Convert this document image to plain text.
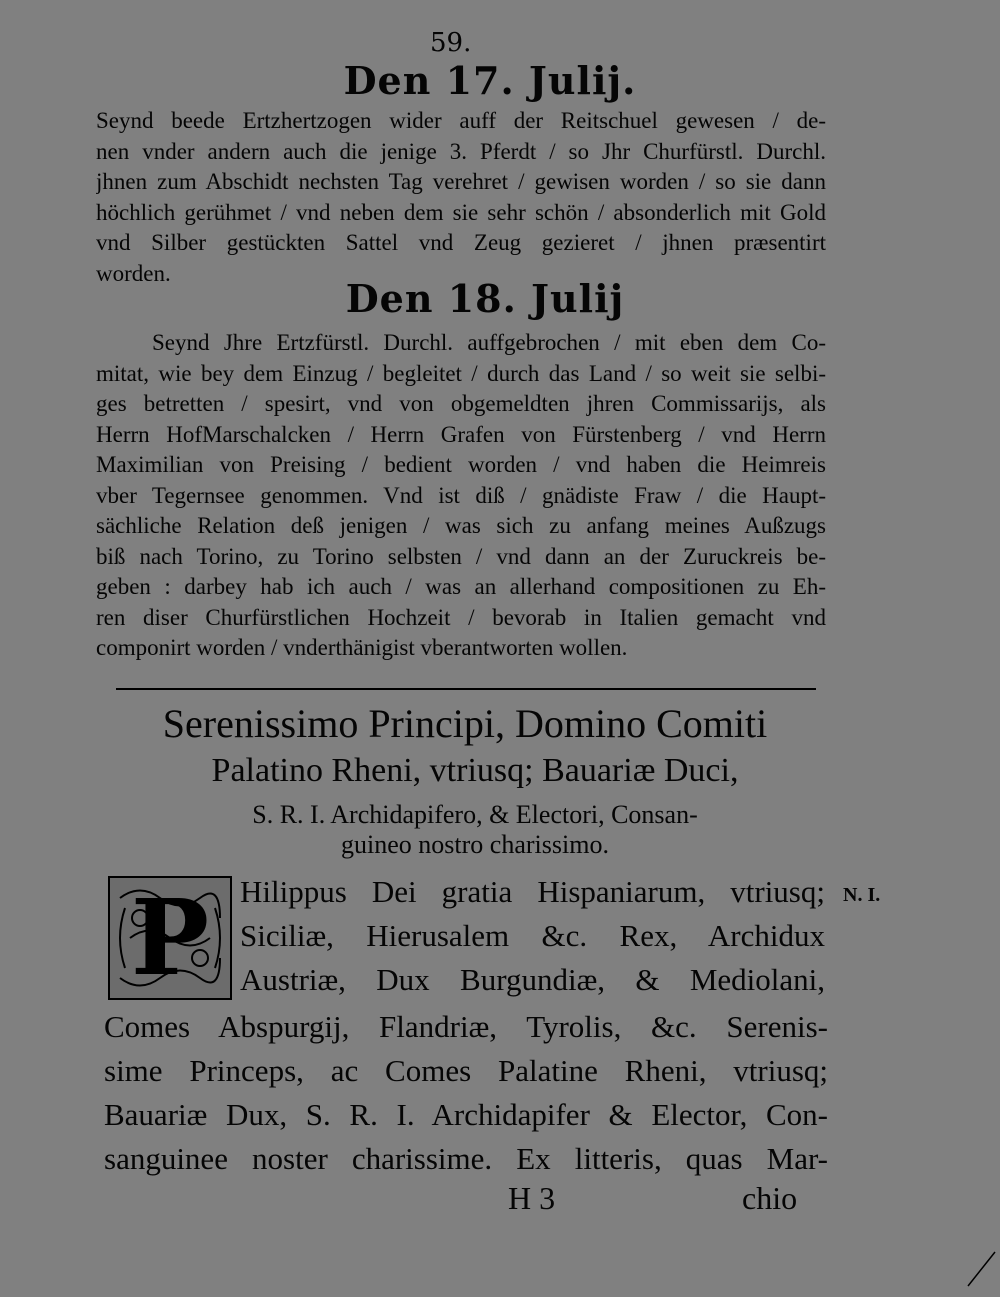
59.
Den 17. Julij.
Seynd beede Ertzhertzogen wider auff der Reitschuel gewesen / de-
nen vnder andern auch die jenige 3. Pferdt / so Jhr Churfürstl. Durchl.
jhnen zum Abschidt nechsten Tag verehret / gewisen worden / so sie dann
höchlich gerühmet / vnd neben dem sie sehr schön / absonderlich mit Gold
vnd Silber gestückten Sattel vnd Zeug gezieret / jhnen præsentirt
worden.
Den 18. Julij
Seynd Jhre Ertzfürstl. Durchl. auffgebrochen / mit eben dem Co-
mitat, wie bey dem Einzug / begleitet / durch das Land / so weit sie selbi-
ges betretten / spesirt, vnd von obgemeldten jhren Commissarijs, als
Herrn HofMarschalcken / Herrn Grafen von Fürstenberg / vnd Herrn
Maximilian von Preising / bedient worden / vnd haben die Heimreis
vber Tegernsee genommen. Vnd ist diß / gnädiste Fraw / die Haupt-
sächliche Relation deß jenigen / was sich zu anfang meines Außzugs
biß nach Torino, zu Torino selbsten / vnd dann an der Zuruckreis be-
geben : darbey hab ich auch / was an allerhand compositionen zu Eh-
ren diser Churfürstlichen Hochzeit / bevorab in Italien gemacht vnd
componirt worden / vnderthänigist vberantworten wollen.
Serenissimo Principi, Domino Comiti
Palatino Rheni, vtriusq; Bauariæ Duci,
S. R. I. Archidapifero, & Electori, Consan-
guineo nostro charissimo.
P	N. I.
Hilippus Dei gratia Hispaniarum, vtriusq;
Siciliæ, Hierusalem &c. Rex, Archidux
Austriæ, Dux Burgundiæ, & Mediolani,
Comes Abspurgij, Flandriæ, Tyrolis, &c. Serenis-
sime Princeps, ac Comes Palatine Rheni, vtriusq;
Bauariæ Dux, S. R. I. Archidapifer & Elector, Con-
sanguinee noster charissime. Ex litteris, quas Mar-
H 3	chio
